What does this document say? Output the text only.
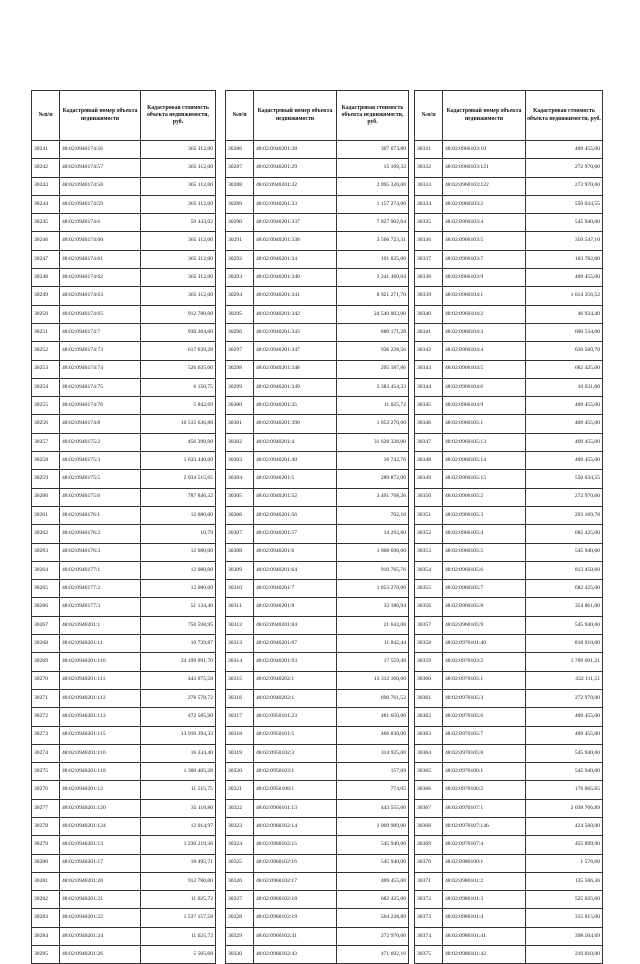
№п/п	Кадастровый номер объекта недвижимости	Кадастровая стоимость объекта недвижимости, руб.
30241	48:02:0940174:56	365 112,00
30242	48:02:0940174:57	365 112,00
30243	48:02:0940174:58	365 112,00
30244	48:02:0940174:59	365 112,00
30245	48:02:0940174:6	59 443,02
30246	48:02:0940174:60	365 112,00
30247	48:02:0940174:61	365 112,00
30248	48:02:0940174:62	365 112,00
30249	48:02:0940174:63	365 112,00
30250	48:02:0940174:65	912 780,00
30251	48:02:0940174:7	938 364,60
30252	48:02:0940174:73	617 039,28
30253	48:02:0940174:74	526 635,00
30254	48:02:0940174:75	6 150,75
30255	48:02:0940174:76	5 842,69
30256	48:02:0940174:8	16 515 636,88
30257	48:02:0940175:2	456 390,00
30258	48:02:0940175:3	1 633 440,00
30259	48:02:0940175:5	2 034 515,65
30260	48:02:0940175:6	787 846,32
30261	48:02:0940176:1	12 080,00
30262	48:02:0940176:2	10,79
30263	48:02:0940176:3	12 080,00
30264	48:02:0940177:1	12 080,00
30265	48:02:0940177:2	12 080,00
30266	48:02:0940177:3	51 134,40
30267	48:02:0940201:1	756 598,95
30268	48:02:0940201:11	10 739,87
30269	48:02:0940201:110	24 199 091,70
30270	48:02:0940201:111	443 075,58
30271	48:02:0940201:112	278 578,72
30272	48:02:0940201:113	472 585,90
30273	48:02:0940201:115	13 910 394,33
30274	48:02:0940201:116	16 334,40
30275	48:02:0940201:118	1 300 405,28
30276	48:02:0940201:12	11 515,75
30277	48:02:0940201:120	35 118,86
30278	48:02:0940201:124	12 014,97
30279	48:02:0940201:13	1 230 219,36
30280	48:02:0940201:17	18 495,71
30281	48:02:0940201:20	912 780,00
30282	48:02:0940201:21	11 025,72
30283	48:02:0940201:22	1 537 157,58
30284	48:02:0940201:24	11 025,72
30285	48:02:0940201:26	5 505,68
№п/п	Кадастровый номер объекта недвижимости	Кадастровая стоимость объекта недвижимости, руб.
30286	48:02:0940201:28	307 673,80
30287	48:02:0940201:29	15 169,32
30288	48:02:0940201:32	2 095 320,00
30289	48:02:0940201:33	1 157 274,00
30290	48:02:0940201:337	7 827 902,64
30291	48:02:0940201:338	3 566 723,31
30292	48:02:0940201:34	191 835,00
30293	48:02:0940201:340	3 241 460,04
30294	48:02:0940201:341	8 921 271,70
30295	48:02:0940201:342	24 540 003,00
30296	48:02:0940201:343	880 171,28
30297	48:02:0940201:347	936 228,56
30298	48:02:0940201:348	295 187,86
30299	48:02:0940201:349	3 383 454,33
30300	48:02:0940201:35	11 025,72
30301	48:02:0940201:390	1 053 270,00
30302	48:02:0940201:4	31 628 338,00
30303	48:02:0940201:40	16 742,76
30304	48:02:0940201:5	289 872,00
30305	48:02:0940201:52	3 491 768,26
30306	48:02:0940201:56	702,18
30307	48:02:0940201:57	14 292,60
30308	48:02:0940201:6	1 008 690,00
30309	48:02:0940201:64	910 765,76
30310	48:02:0940201:7	1 053 270,00
30311	48:02:0940201:8	32 180,94
30312	48:02:0940201:84	21 643,08
30313	48:02:0940201:87	11 842,44
30314	48:02:0940201:93	17 559,48
30315	48:02:0940202:1	13 312 160,00
30316	48:02:0940202:1	690 761,52
30317	48:02:0950101:23	481 650,00
30318	48:02:0950101:5	466 830,00
30319	48:02:0950102:3	314 925,00
30320	48:02:0950103:1	157,69
30321	48:02:0950108:1	774,05
30322	48:02:0960101:13	443 555,00
30323	48:02:0960102:14	1 009 989,00
30324	48:02:0960102:15	545 940,00
30325	48:02:0960102:16	545 940,00
30326	48:02:0960102:17	409 455,00
30327	48:02:0960102:18	682 425,00
30328	48:02:0960102:19	564 228,89
30329	48:02:0960102:41	272 970,00
30330	48:02:0960102:43	471 692,16
№п/п	Кадастровый номер объекта недвижимости	Кадастровая стоимость объекта недвижимости, руб.
30331	48:02:0960103:10	409 455,00
30332	48:02:0960103:121	272 970,00
30333	48:02:0960103:122	272 970,00
30334	48:02:0960103:2	550 034,55
30335	48:02:0960103:4	545 940,00
30336	48:02:0960103:5	350 547,10
30337	48:02:0960103:7	163 782,00
30338	48:02:0960103:9	409 455,00
30339	48:02:0960104:1	1 014 356,52
30340	48:02:0960104:2	46 934,40
30341	48:02:0960104:3	600 534,00
30342	48:02:0960104:4	630 560,70
30343	48:02:0960104:5	682 425,00
30344	48:02:0960104:6	10 031,00
30345	48:02:0960104:9	409 455,00
30346	48:02:0960105:1	409 455,00
30347	48:02:0960105:13	409 455,00
30348	48:02:0960105:14	409 455,00
30349	48:02:0960105:15	550 034,55
30350	48:02:0960105:2	272 970,00
30351	48:02:0960105:3	293 169,78
30352	48:02:0960105:4	682 425,00
30353	48:02:0960105:5	545 940,00
30354	48:02:0960105:6	813 450,60
30355	48:02:0960105:7	682 425,00
30356	48:02:0960105:8	354 861,00
30357	48:02:0960105:9	545 940,00
30358	48:02:0970101:40	818 910,00
30359	48:02:0970103:2	1 709 691,21
30360	48:02:0970105:1	432 111,51
30361	48:02:0970105:3	272 970,00
30362	48:02:0970105:6	409 455,00
30363	48:02:0970105:7	409 455,00
30364	48:02:0970105:8	545 940,00
30365	48:02:0970106:1	545 940,00
30366	48:02:0970106:2	176 065,65
30367	48:02:0970107:1	2 038 766,89
30368	48:02:0970107:146	424 560,00
30369	48:02:0970107:4	455 899,90
30370	48:02:0980100:1	1 576,60
30371	48:02:0980101:2	135 586,36
30372	48:02:0980101:3	525 025,00
30373	48:02:0980101:4	315 015,00
30374	48:02:0980101:41	398 504,69
30375	48:02:0980101:42	210 010,00
